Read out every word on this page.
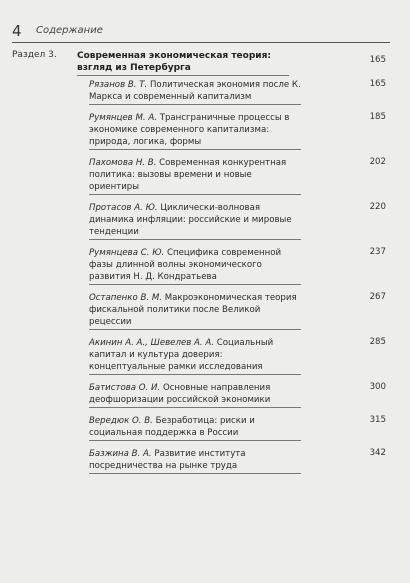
4 Содержание
Раздел 3. Современная экономическая теория: взгляд из Петербурга
165
Рязанов В. Т. Политическая экономия после К. Маркса и современный капитализм
165
Румянцев М. А. Трансграничные процессы в экономике современного капитализма: природа, логика, формы
185
Пахомова Н. В. Современная конкурентная политика: вызовы времени и новые ориентиры
202
Протасов А. Ю. Циклически-волновая динамика инфляции: российские и мировые тенденции
220
Румянцева С. Ю. Специфика современной фазы длинной волны экономического развития Н. Д. Кондратьева
237
Остапенко В. М. Макроэкономическая теория фискальной политики после Великой рецессии
267
Акинин А. А., Шевелев А. А. Социальный капитал и культура доверия: концептуальные рамки исследования
285
Батистова О. И. Основные направления деофшоризации российской экономики
300
Вередюк О. В. Безработица: риски и социальная поддержка в России
315
Базжина В. А. Развитие института посредничества на рынке труда
342
